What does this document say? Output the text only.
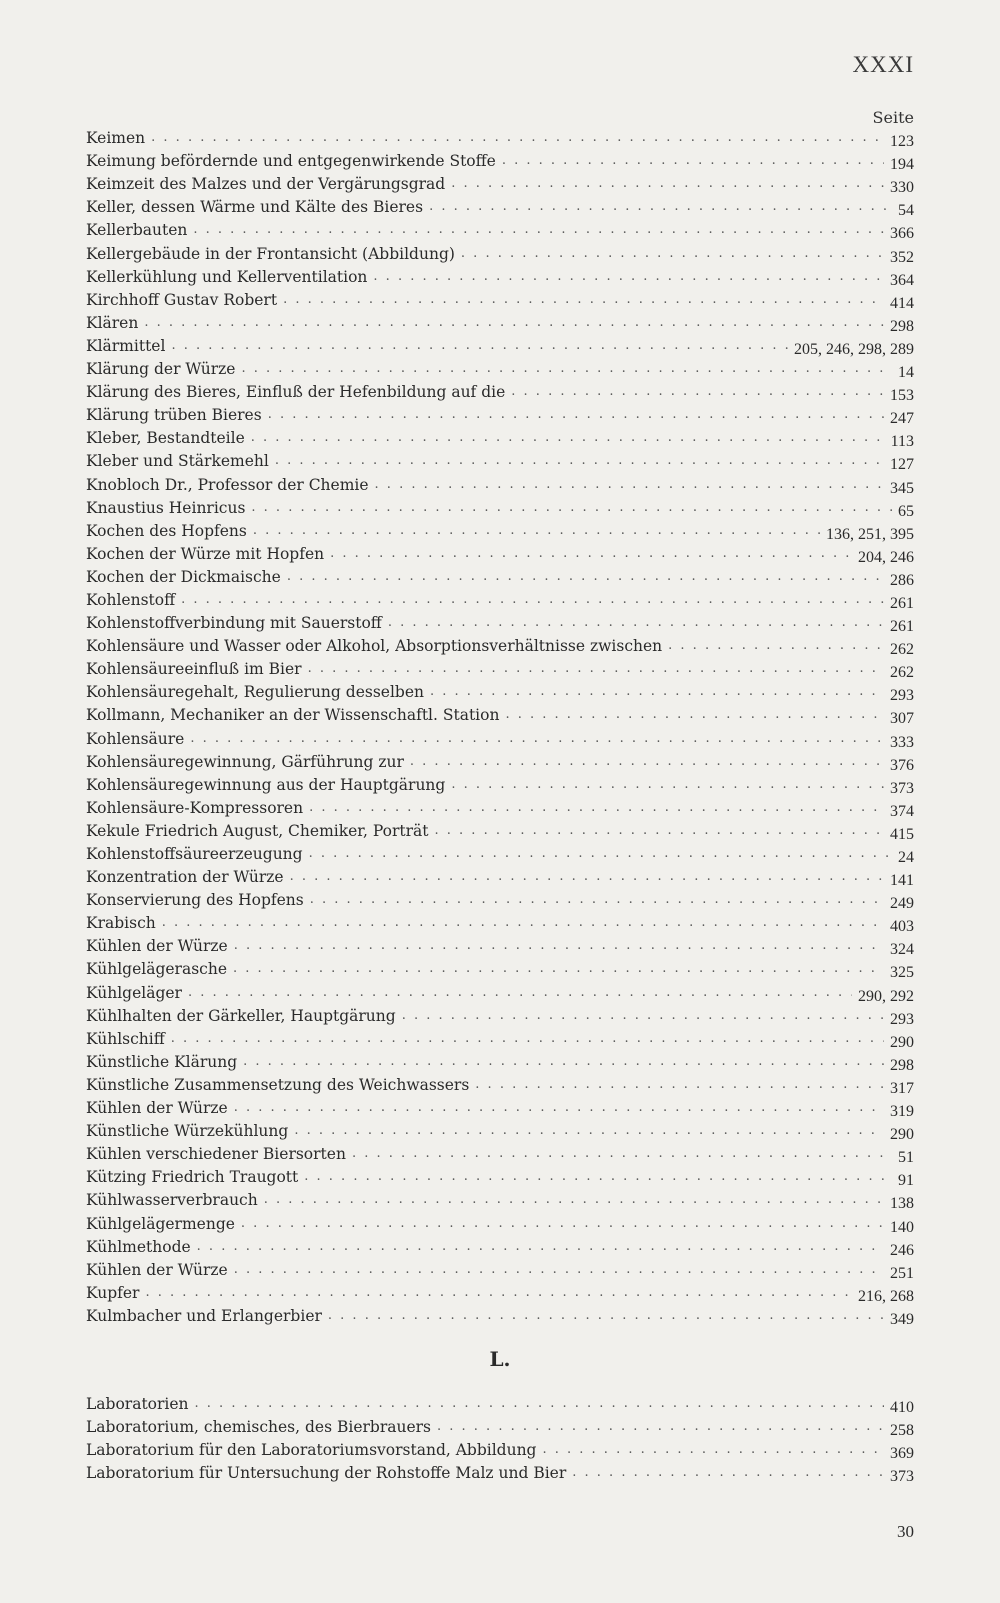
XXXI
Seite
Keimen . . .	123
Keimung befördernde und entgegenwirkende Stoffe . . .	194
Keimzeit des Malzes und der Vergärungsgrad . . .	330
Keller, dessen Wärme und Kälte des Bieres . . .	54
Kellerbauten . . .	366
Kellergebäude in der Frontansicht (Abbildung) . . .	352
Kellerkühlung und Kellerventilation . . .	364
Kirchhoff Gustav Robert . . .	414
Klären . . .	298
Klärmittel . . .	205, 246, 298, 289
Klärung der Würze . . .	14
Klärung des Bieres, Einfluß der Hefenbildung auf die . . .	153
Klärung trüben Bieres . . .	247
Kleber, Bestandteile . . .	113
Kleber und Stärkemehl . . .	127
Knobloch Dr., Professor der Chemie . . .	345
Knaustius Heinricus . . .	65
Kochen des Hopfens . . .	136, 251, 395
Kochen der Würze mit Hopfen . . .	204, 246
Kochen der Dickmaische . . .	286
Kohlenstoff . . .	261
Kohlenstoffverbindung mit Sauerstoff . . .	261
Kohlensäure und Wasser oder Alkohol, Absorptionsverhältnisse zwischen . . .	262
Kohlensäureeinfluß im Bier . . .	262
Kohlensäuregehalt, Regulierung desselben . . .	293
Kollmann, Mechaniker an der Wissenschaftl. Station . . .	307
Kohlensäure . . .	333
Kohlensäuregewinnung, Gärführung zur . . .	376
Kohlensäuregewinnung aus der Hauptgärung . . .	373
Kohlensäure-Kompressoren . . .	374
Kekule Friedrich August, Chemiker, Porträt . . .	415
Kohlenstoffsäureerzeugung . . .	24
Konzentration der Würze . . .	141
Konservierung des Hopfens . . .	249
Krabisch . . .	403
Kühlen der Würze . . .	324
Kühlgelägerasche . . .	325
Kühlgeläger . . .	290, 292
Kühlhalten der Gärkeller, Hauptgärung . . .	293
Kühlschiff . . .	290
Künstliche Klärung . . .	298
Künstliche Zusammensetzung des Weichwassers . . .	317
Kühlen der Würze . . .	319
Künstliche Würzekühlung . . .	290
Kühlen verschiedener Biersorten . . .	51
Kützing Friedrich Traugott . . .	91
Kühlwasserverbrauch . . .	138
Kühlgelägermenge . . .	140
Kühlmethode . . .	246
Kühlen der Würze . . .	251
Kupfer . . .	216, 268
Kulmbacher und Erlangerbier . . .	349
L.
Laboratorien . . .	410
Laboratorium, chemisches, des Bierbrauers . . .	258
Laboratorium für den Laboratoriumsvorstand, Abbildung . . .	369
Laboratorium für Untersuchung der Rohstoffe Malz und Bier . . .	373
30
